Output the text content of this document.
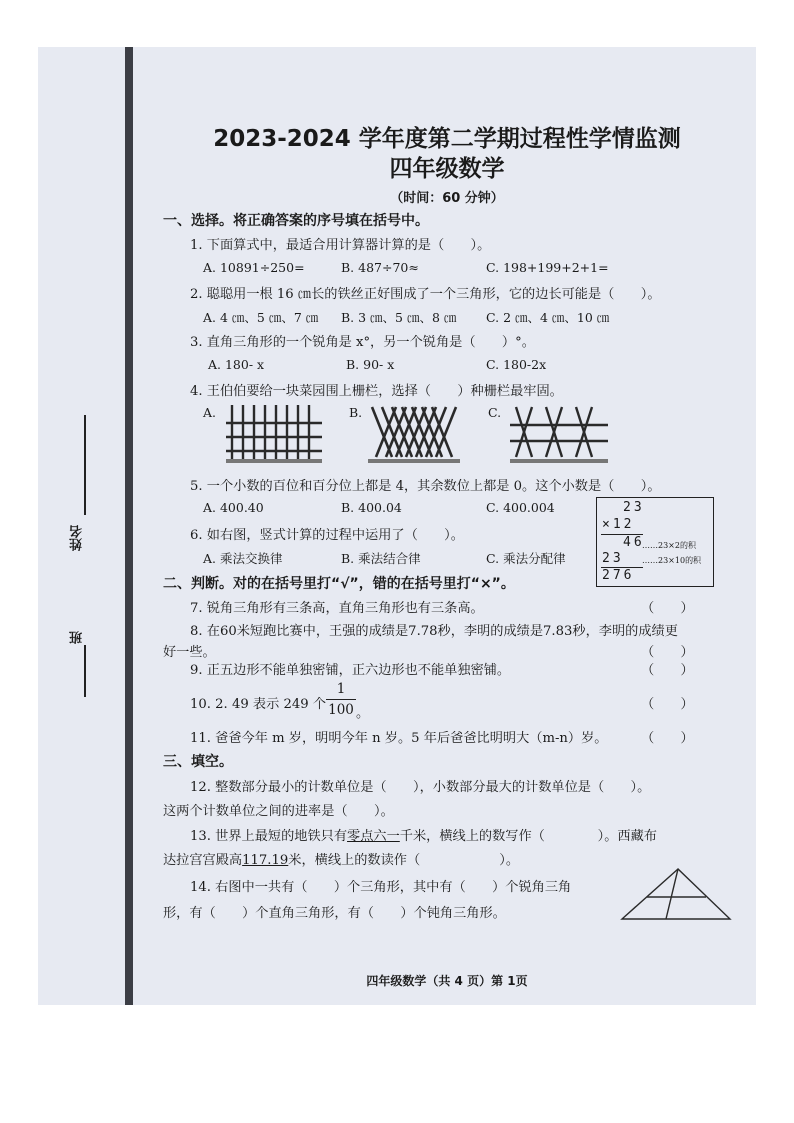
姓名
班
2023-2024 学年度第二学期过程性学情监测
四年级数学
（时间：60 分钟）
一、选择。将正确答案的序号填在括号中。
1. 下面算式中，最适合用计算器计算的是（　　）。
A. 10891÷250=	B. 487÷70≈	C. 198+199+2+1=
2. 聪聪用一根 16 ㎝长的铁丝正好围成了一个三角形，它的边长可能是（　　）。
A. 4 ㎝、5 ㎝、7 ㎝ B. 3 ㎝、5 ㎝、8 ㎝ C. 2 ㎝、4 ㎝、10 ㎝
3. 直角三角形的一个锐角是 x°，另一个锐角是（　　）°。
A. 180- x	B. 90- x	C. 180-2x
4. 王伯伯要给一块菜园围上栅栏，选择（　　）种栅栏最牢固。
A.	B.	C.
5. 一个小数的百位和百分位上都是 4，其余数位上都是 0。这个小数是（　　）。
A. 400.40	B. 400.04	C. 400.004
6. 如右图，竖式计算的过程中运用了（　　）。
A. 乘法交换律	B. 乘法结合律	C. 乘法分配律
23
×12
46
……23×2的积
23 ……23×10的积
276
二、判断。对的在括号里打“√”，错的在括号里打“×”。
7. 锐角三角形有三条高，直角三角形也有三条高。	（　　）
8. 在60米短跑比赛中，王强的成绩是7.78秒，李明的成绩是7.83秒，李明的成绩更
好一些。	（　　）
9. 正五边形不能单独密铺，正六边形也不能单独密铺。	（　　）
10. 2. 49 表示 249 个
1
100 。
（　　）
11. 爸爸今年 m 岁，明明今年 n 岁。5 年后爸爸比明明大（m-n）岁。	（　　）
三、填空。
12. 整数部分最小的计数单位是（　　），小数部分最大的计数单位是（　　）。
这两个计数单位之间的进率是（　　）。
13. 世界上最短的地铁只有零点六一千米，横线上的数写作（　　　　）。西藏布
达拉宫宫殿高117.19米，横线上的数读作（　　　　　　）。
14. 右图中一共有（　　）个三角形，其中有（　　）个锐角三角
形，有（　　）个直角三角形，有（　　）个钝角三角形。
四年级数学（共 4 页）第 1页
